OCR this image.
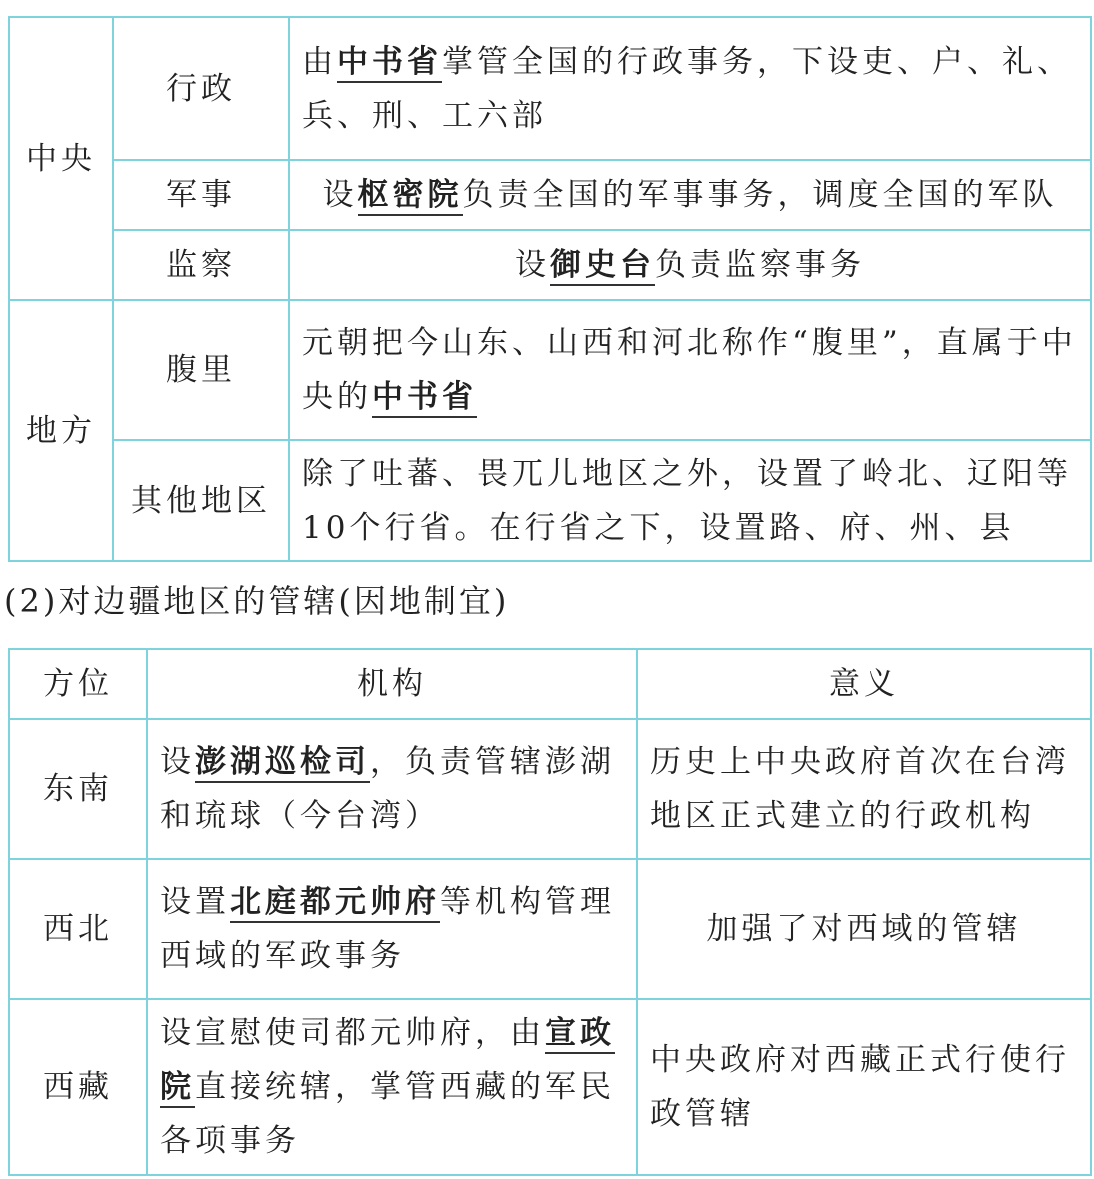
中央	行政	由中书省掌管全国的行政事务，下设吏、户、礼、兵、刑、工六部
	军事	设枢密院负责全国的军事事务，调度全国的军队
	监察	设御史台负责监察事务
地方	腹里	元朝把今山东、山西和河北称作“腹里”，直属于中央的中书省
	其他地区	除了吐蕃、畏兀儿地区之外，设置了岭北、辽阳等10个行省。在行省之下，设置路、府、州、县
(2)对边疆地区的管辖(因地制宜)
方位	机构	意义
东南	设澎湖巡检司，负责管辖澎湖和琉球（今台湾）	历史上中央政府首次在台湾地区正式建立的行政机构
西北	设置北庭都元帅府等机构管理西域的军政事务	加强了对西域的管辖
西藏	设宣慰使司都元帅府，由宣政院直接统辖，掌管西藏的军民各项事务	中央政府对西藏正式行使行政管辖
